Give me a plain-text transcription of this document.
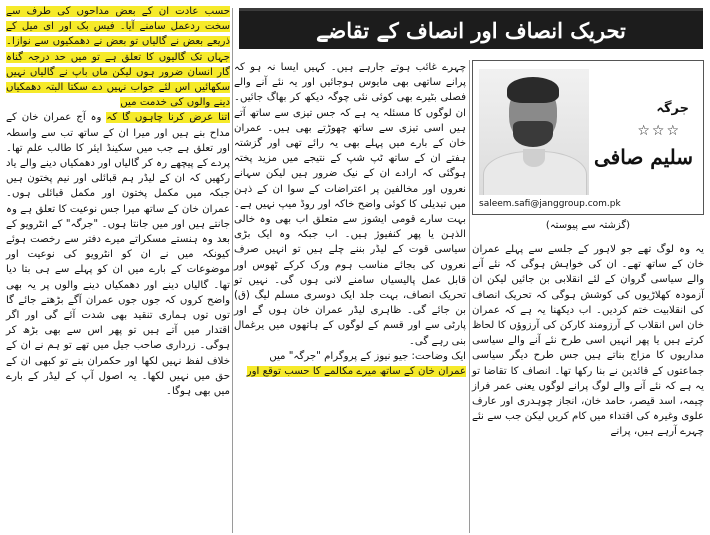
تحریک انصاف اور انصاف کے تقاضے
جرگہ
☆☆☆
سلیم صافی
saleem.safi@janggroup.com.pk
(گزشتہ سے پیوستہ)

یہ وہ لوگ تھے جو لاہور کے جلسے سے پہلے عمران خان کے ساتھ تھے۔ ان کی خواہش ہوگی کہ نئے آنے والے سیاسی گروان کے لئے انقلابی بن جائیں لیکن ان آزمودہ کھلاڑیوں کی کوشش ہوگی کہ تحریک انصاف کی انقلابیت ختم کردیں۔ اب دیکھنا یہ ہے کہ عمران خان اس انقلاب کے آرزومند کارکن کی آرزوؤں کا لحاظ کرتے ہیں یا پھر انہیں اسی طرح نئے آنے والے سیاسی مداریوں کا مزاج بناتے ہیں جس طرح دیگر سیاسی جماعتوں کے قائدین نے بنا رکھا تھا۔ انصاف کا تقاضا تو یہ ہے کہ نئے آنے والے لوگ پرانے لوگوں یعنی عمر فراز چیمہ، اسد قیصر، حامد خان، انجاز چوہدری اور عارف علوی وغیرہ کی اقتداء میں کام کریں لیکن جب سے نئے چہرے آرہے ہیں، پرانے

چہرے غائب ہوتے جارہے ہیں۔ کہیں ایسا نہ ہو کہ پرانے ساتھی بھی مایوس ہوجائیں اور یہ نئے آنے والے فصلی بٹیرے بھی کوئی نئی چوگہ دیکھ کر بھاگ جائیں۔ ان لوگوں کا مسئلہ یہ ہے کہ جس تیزی سے ساتھ آتے ہیں اسی تیزی سے ساتھ چھوڑتے بھی ہیں۔ عمران خان کے بارے میں پہلے بھی یہ رائے تھی اور گزشتہ ہفتے ان کے ساتھ ٹپ شپ کے نتیجے میں مزید پختہ ہوگئی کہ ارادے ان کے نیک ضرور ہیں لیکن سہانے نعروں اور مخالفین پر اعتراضات کے سوا ان کے ذہن میں تبدیلی کا کوئی واضح خاکہ اور روڈ میپ نہیں ہے۔ بہت سارے قومی ایشوز سے متعلق اب بھی وہ خالی الذہن یا پھر کنفیوژ ہیں۔ اب جبکہ وہ ایک بڑی سیاسی قوت کے لیڈر بننے چلے ہیں تو انہیں صرف نعروں کی بجائے مناسب ہوم ورک کرکے ٹھوس اور قابل عمل پالیسیاں سامنے لانی ہوں گی۔ نہیں تو تحریک انصاف، بہت جلد ایک دوسری مسلم لیگ (ق) بن جائے گی۔ ظاہری لیڈر عمران خان ہوں گے اور پارٹی سے اور قسم کے لوگوں کے ہاتھوں میں یرغمال بنی رہے گی۔

ایک وضاحت: جیو نیوز کے پروگرام "جرگہ" میں

عمران خان کے ساتھ میرے مکالمے کا حسب توقع اور

حسب عادت ان کے بعض مداحوں کی طرف سے سخت ردعمل سامنے آیا۔ فیس بک اور ای میل کے ذریعے بعض نے گالیاں تو بعض نے دھمکیوں سے نوازا۔ جہاں تک گالیوں کا تعلق ہے تو میں حد درجہ گناہ گار انسان ضرور ہوں لیکن ماں باپ نے گالیاں نہیں سکھائیں اس لئے جواب نہیں دے سکتا البتہ دھمکیاں دینے والوں کی خدمت میں

اتنا عرض کرنا چاہوں گا کہ وہ آج عمران خان کے مداح بنے ہیں اور میرا ان کے ساتھ تب سے واسطہ اور تعلق ہے جب میں سکینڈ ایئر کا طالب علم تھا۔ پردے کے پیچھے رہ کر گالیاں اور دھمکیاں دینے والے یاد رکھیں کہ ان کے لیڈر ہم قبائلی اور نیم پختون ہیں جبکہ میں مکمل پختون اور مکمل قبائلی ہوں۔ عمران خان کے ساتھ میرا جس نوعیت کا تعلق ہے وہ جانتے ہیں اور میں جانتا ہوں۔ "جرگہ" کے انٹرویو کے بعد وہ ہنستے مسکراتے میرے دفتر سے رخصت ہوئے کیونکہ میں نے ان کو انٹرویو کی نوعیت اور موضوعات کے بارے میں ان کو پہلے سے ہی بتا دیا تھا۔ گالیاں دینے اور دھمکیاں دینے والوں پر یہ بھی واضح کروں کہ جوں جوں عمران آگے بڑھتے جائے گا توں توں ہماری تنقید بھی شدت آئے گی اور اگر اقتدار میں آتے ہیں تو پھر اس سے بھی بڑھ کر ہوگی۔ زرداری صاحب جیل میں تھے تو ہم نے ان کے خلاف لفظ نہیں لکھا اور حکمران بنے تو کبھی ان کے حق میں نہیں لکھا۔ یہ اصول آپ کے لیڈر کے بارے میں بھی ہوگا۔
